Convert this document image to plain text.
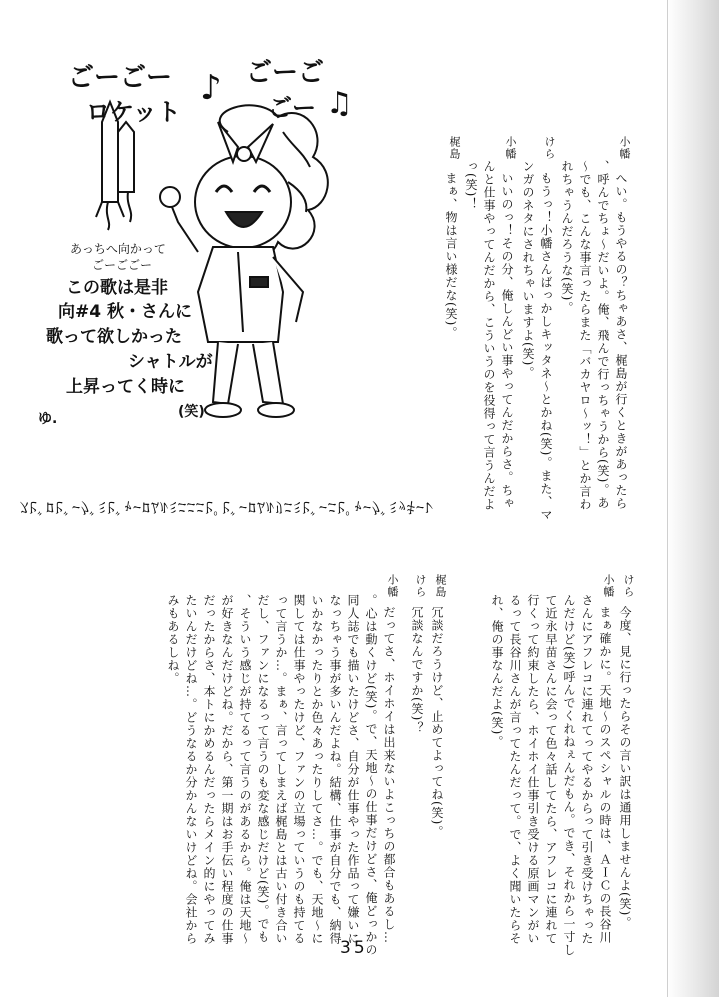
ごーごー
ロケット
♪ ごーご
ごー ♫
あっちへ向かって
ごーごごー
この歌は是非
向#4 秋・さんに
歌って欲しかった
シャトルが
上昇ってく時に
(笑)
ゆ.
小幡
へい。もうやるの？ちゃあさ、梶島が行くときがあったら
、呼んでちょ〜だいよ。俺、飛んで行っちゃうから(笑)。あ
〜でも、こんな事言ったらまた「バカヤロ〜ッ！」とか言わ
れちゃうんだろうな(笑)。
けら
もうっ！小幡さんばっかしキッタネ〜とかね(笑)。また、マ
ンガのネタにされちゃいますよ(笑)。
小幡
いいのっ！その分、俺しんどい事やってんだからさ。ちゃ
んと仕事やってんだから、こういうのを役得って言うんだよ
っ(笑)！
梶島
まぁ、物は言い様だな(笑)。
ｽﾋﾞﾛﾋﾞｰｸﾞﾐﾋﾞｬｰﾛﾑﾙﾐﾆﾆﾆﾋﾟﾋﾞｰﾛﾑﾙﾘﾆﾐﾋﾞｰﾆﾋﾟｬｰｸﾞﾐｯｷｰﾚ
けら
今度、見に行ったらその言い訳は通用しませんよ(笑)。
小幡
まぁ確かに。天地〜のスペシャルの時は、ＡＩＣの長谷川
さんにアフレコに連れてってやるからって引き受けちゃった
んだけど(笑)呼んでくれねぇんだもん。でき、それから一寸し
て近永早苗さんに会って色々話してたら、アフレコに連れて
行くって約束したら、ホイホイ仕事引き受ける原画マンがい
るって長谷川さんが言ってたんだって。で、よく聞いたらそ
れ、俺の事なんだよ(笑)。
梶島
冗談だろうけど、止めてよってね(笑)。
けら
冗談なんですか(笑)？
小幡
だってさ、ホイホイは出来ないよこっちの都合もあるし…
。心は動くけど(笑)。で、天地〜の仕事だけどさ、俺どっかの
同人誌でも描いたけどさ、自分が仕事やった作品って嫌いに
なっちゃう事が多いんだよね。結構、仕事が自分でも、納得
いかなかったりとか色々あったりしてさ…。でも、天地〜に
関しては仕事やったけど、ファンの立場っていうのも持てる
って言うか…。まぁ、言ってしまえば梶島とは古い付き合い
だし、ファンになるって言うのも変な感じだけど(笑)。でも
、そういう感じが持てるって言うのがあるから。俺は天地〜
が好きなんだけどね。だから、第一期はお手伝い程度の仕事
だったからさ、本トにかめるんだったらメイン的にやってみ
たいんだけどね…。どうなるか分かんないけどね。会社から
みもあるしね。
35
